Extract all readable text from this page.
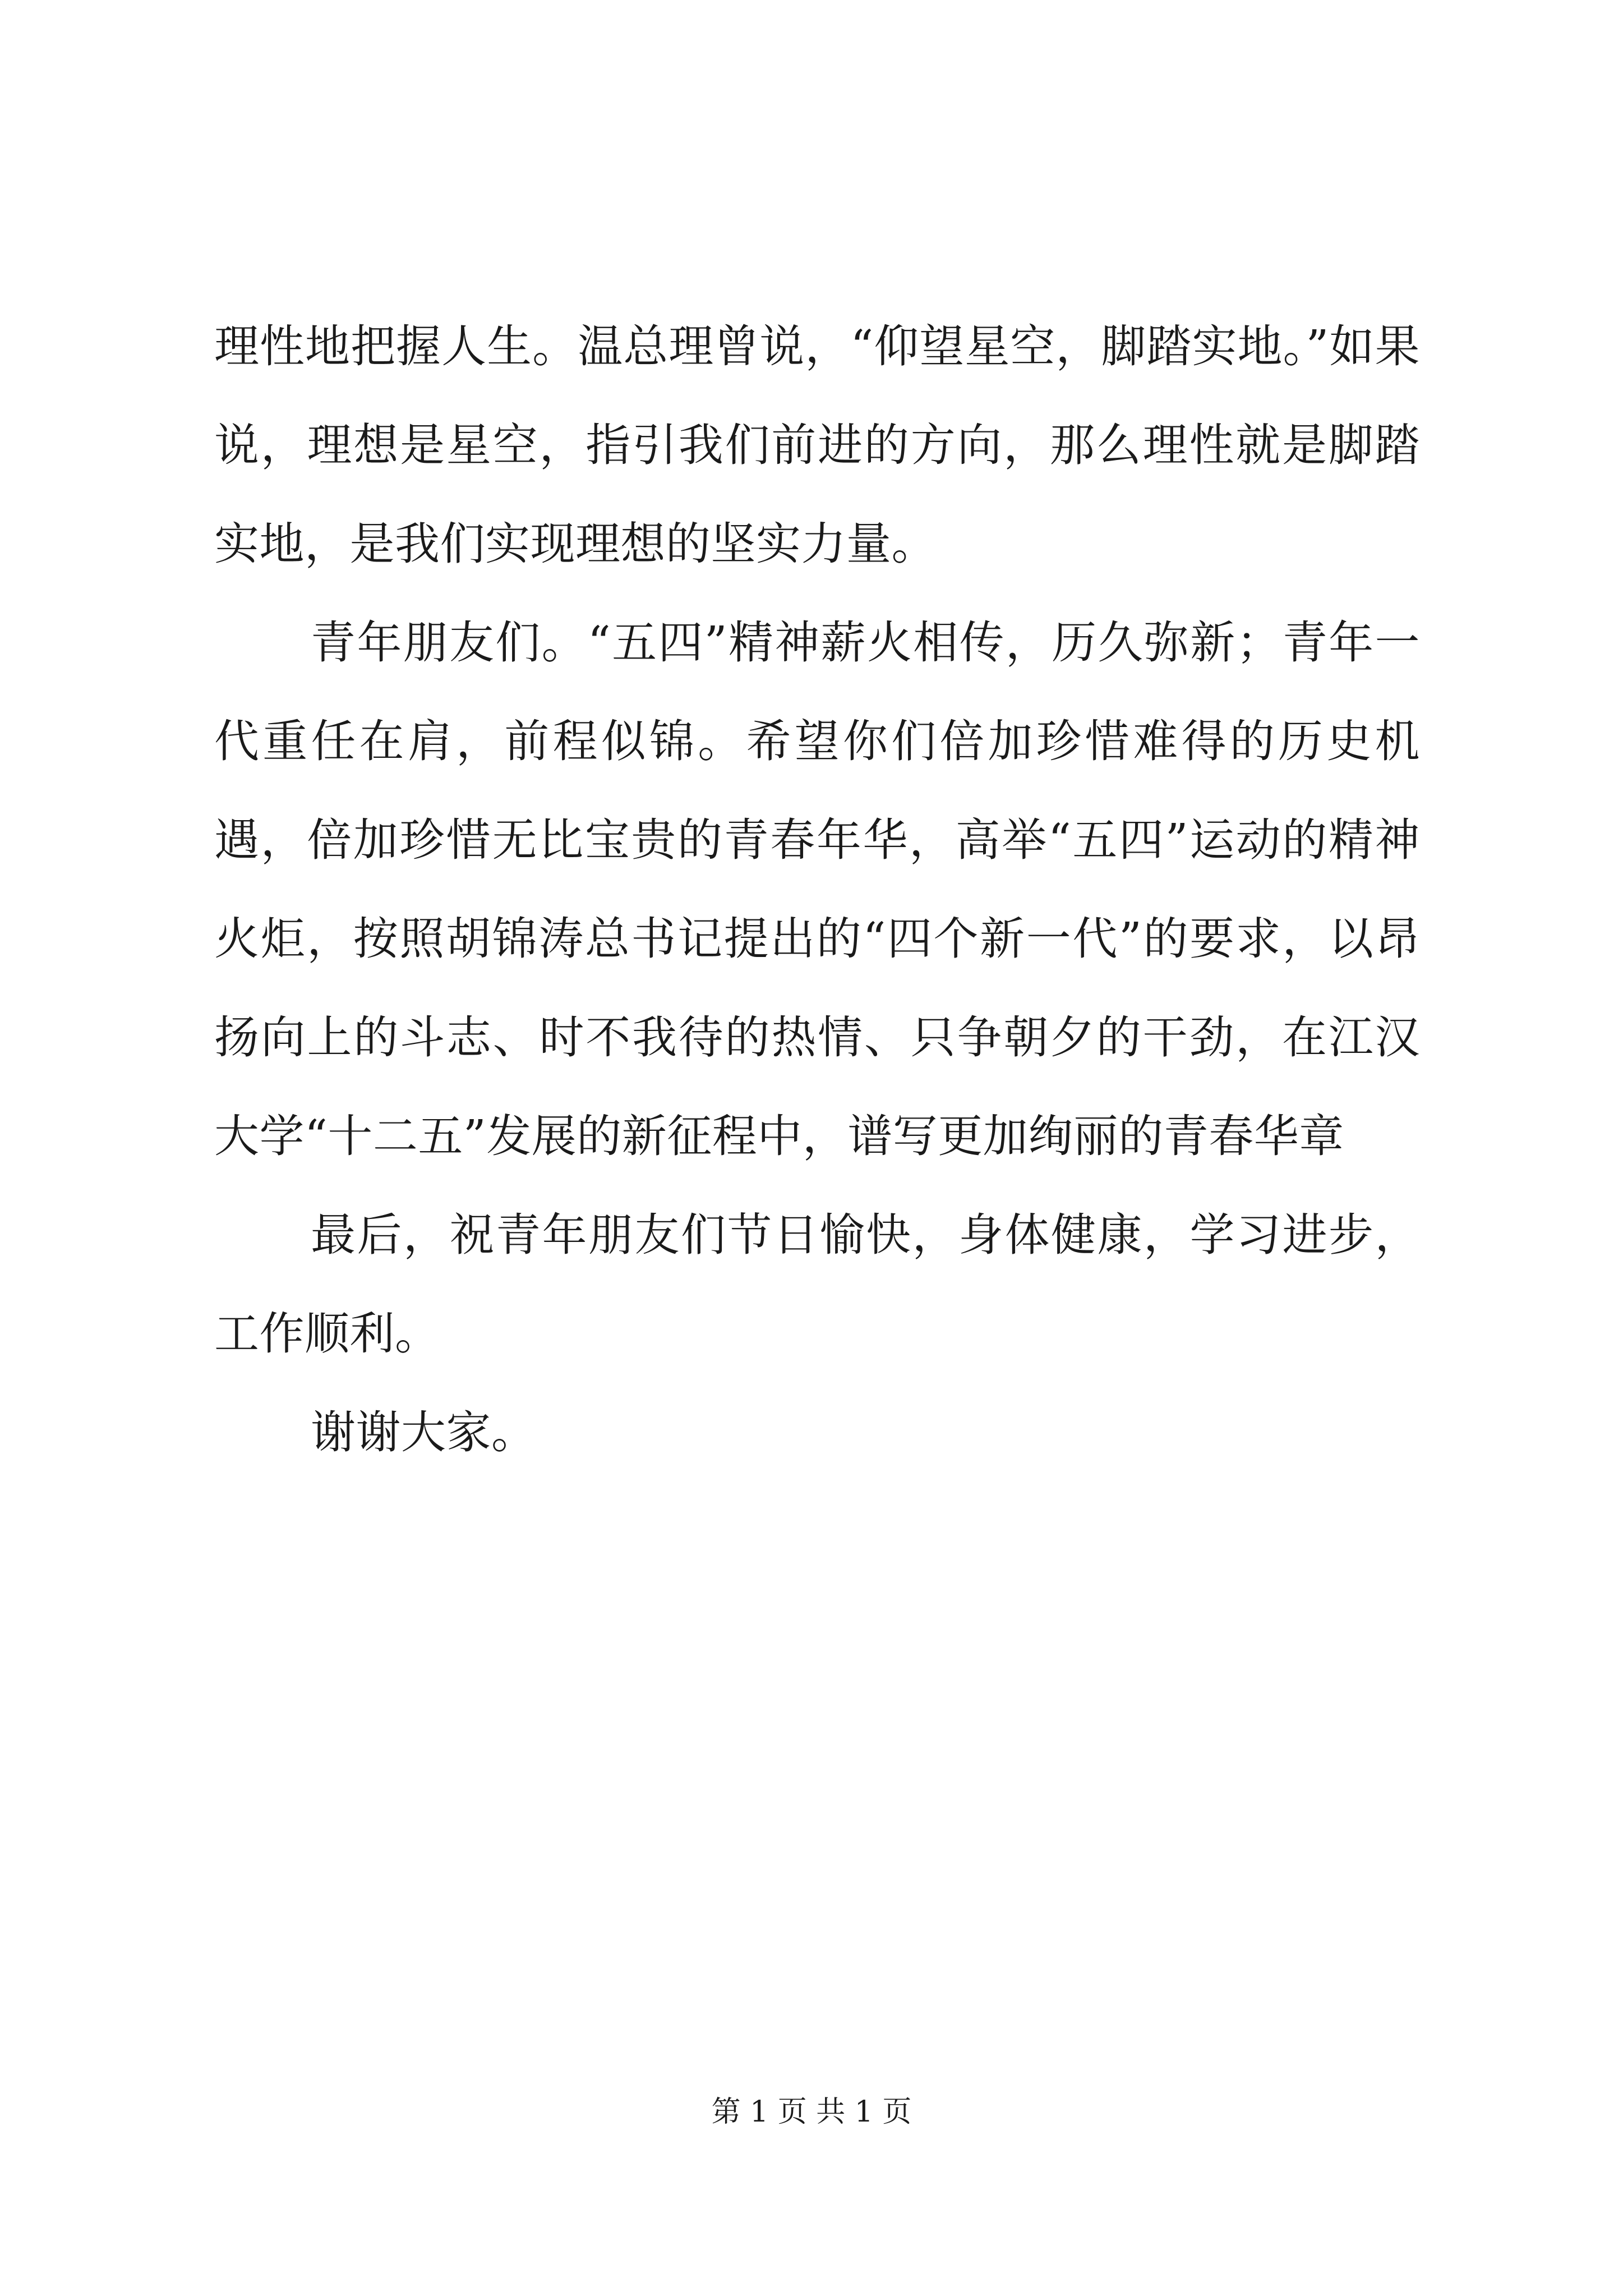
理性地把握人生。温总理曾说，“仰望星空，脚踏实地。”如果说，理想是星空，指引我们前进的方向，那么理性就是脚踏实地，是我们实现理想的坚实力量。

青年朋友们。“五四”精神薪火相传，历久弥新；青年一代重任在肩，前程似锦。希望你们倍加珍惜难得的历史机遇，倍加珍惜无比宝贵的青春年华，高举“五四”运动的精神火炬，按照胡锦涛总书记提出的“四个新一代”的要求，以昂扬向上的斗志、时不我待的热情、只争朝夕的干劲，在江汉大学“十二五”发展的新征程中，谱写更加绚丽的青春华章

最后，祝青年朋友们节日愉快，身体健康，学习进步，工作顺利。

谢谢大家。

第 1 页 共 1 页
